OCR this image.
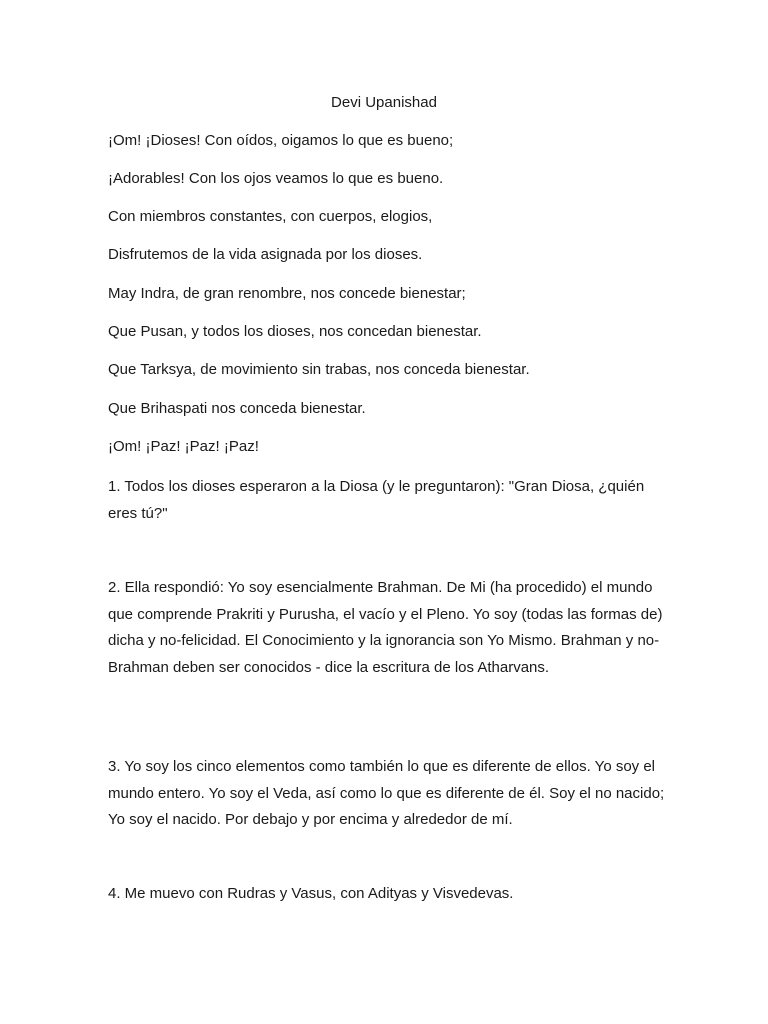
Devi Upanishad
¡Om! ¡Dioses! Con oídos, oigamos lo que es bueno;
¡Adorables! Con los ojos veamos lo que es bueno.
Con miembros constantes, con cuerpos, elogios,
Disfrutemos de la vida asignada por los dioses.
May Indra, de gran renombre, nos concede bienestar;
Que Pusan, y todos los dioses, nos concedan bienestar.
Que Tarksya, de movimiento sin trabas, nos conceda bienestar.
Que Brihaspati nos conceda bienestar.
¡Om! ¡Paz! ¡Paz! ¡Paz!
1. Todos los dioses esperaron a la Diosa (y le preguntaron): "Gran Diosa, ¿quién eres tú?"
2. Ella respondió: Yo soy esencialmente Brahman. De Mi (ha procedido) el mundo que comprende Prakriti y Purusha, el vacío y el Pleno. Yo soy (todas las formas de) dicha y no-felicidad. El Conocimiento y la ignorancia son Yo Mismo. Brahman y no-Brahman deben ser conocidos - dice la escritura de los Atharvans.
3. Yo soy los cinco elementos como también lo que es diferente de ellos. Yo soy el mundo entero. Yo soy el Veda, así como lo que es diferente de él. Soy el no nacido; Yo soy el nacido. Por debajo y por encima y alrededor de mí.
4. Me muevo con Rudras y Vasus, con Adityas y Visvedevas.
